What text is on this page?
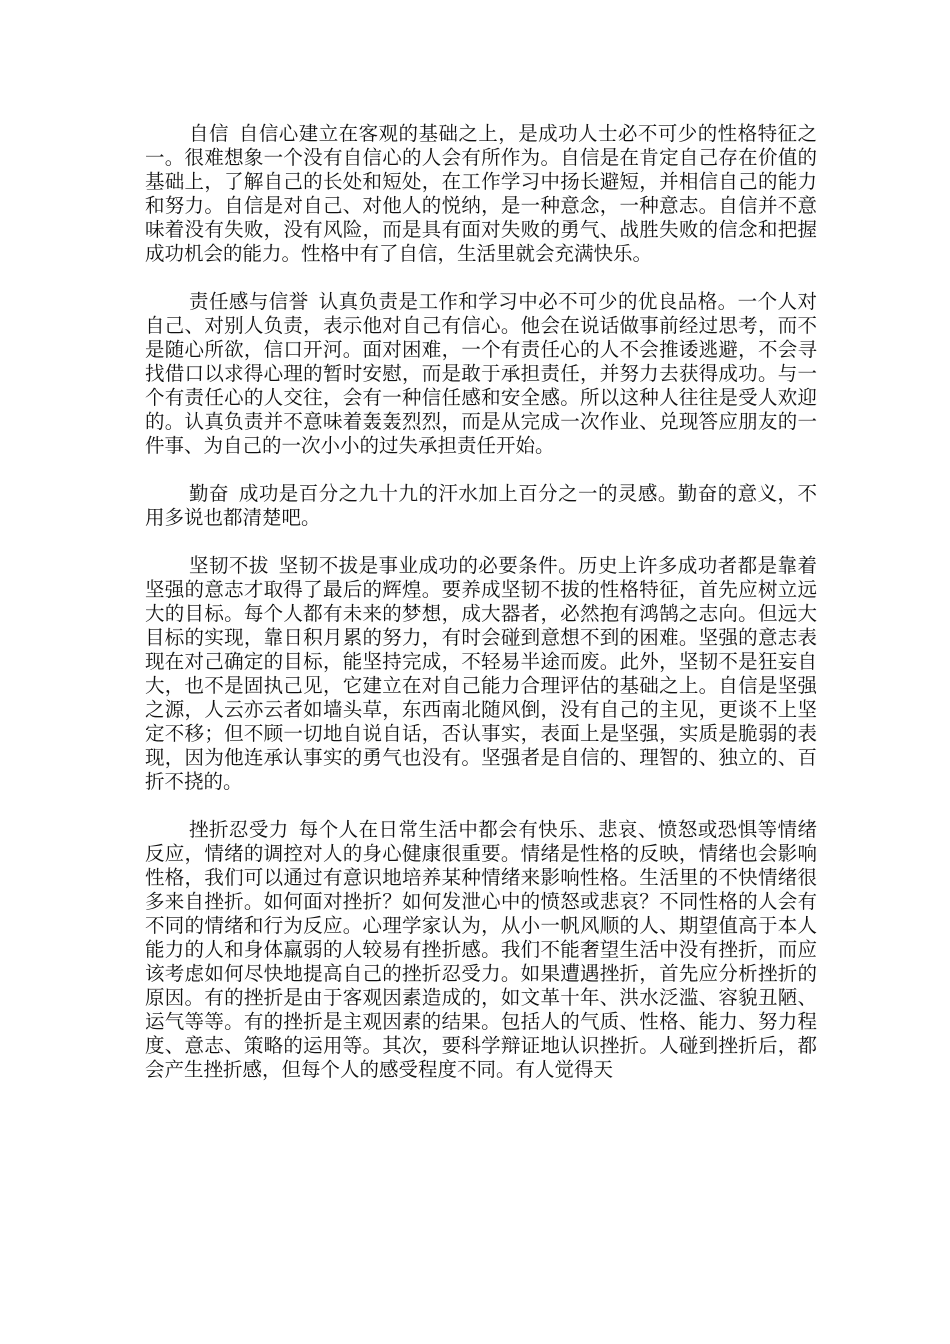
自信 自信心建立在客观的基础之上，是成功人士必不可少的性格特征之一。很难想象一个没有自信心的人会有所作为。自信是在肯定自己存在价值的基础上，了解自己的长处和短处，在工作学习中扬长避短，并相信自己的能力和努力。自信是对自己、对他人的悦纳，是一种意念，一种意志。自信并不意味着没有失败，没有风险，而是具有面对失败的勇气、战胜失败的信念和把握成功机会的能力。性格中有了自信，生活里就会充满快乐。

责任感与信誉 认真负责是工作和学习中必不可少的优良品格。一个人对自己、对别人负责，表示他对自己有信心。他会在说话做事前经过思考，而不是随心所欲，信口开河。面对困难，一个有责任心的人不会推诿逃避，不会寻找借口以求得心理的暂时安慰，而是敢于承担责任，并努力去获得成功。与一个有责任心的人交往，会有一种信任感和安全感。所以这种人往往是受人欢迎的。认真负责并不意味着轰轰烈烈，而是从完成一次作业、兑现答应朋友的一件事、为自己的一次小小的过失承担责任开始。

勤奋 成功是百分之九十九的汗水加上百分之一的灵感。勤奋的意义，不用多说也都清楚吧。

坚韧不拔 坚韧不拔是事业成功的必要条件。历史上许多成功者都是靠着坚强的意志才取得了最后的辉煌。要养成坚韧不拔的性格特征，首先应树立远大的目标。每个人都有未来的梦想，成大器者，必然抱有鸿鹄之志向。但远大目标的实现，靠日积月累的努力，有时会碰到意想不到的困难。坚强的意志表现在对己确定的目标，能坚持完成，不轻易半途而废。此外，坚韧不是狂妄自大，也不是固执己见，它建立在对自己能力合理评估的基础之上。自信是坚强之源，人云亦云者如墙头草，东西南北随风倒，没有自己的主见，更谈不上坚定不移；但不顾一切地自说自话，否认事实，表面上是坚强，实质是脆弱的表现，因为他连承认事实的勇气也没有。坚强者是自信的、理智的、独立的、百折不挠的。

挫折忍受力 每个人在日常生活中都会有快乐、悲哀、愤怒或恐惧等情绪反应，情绪的调控对人的身心健康很重要。情绪是性格的反映，情绪也会影响性格，我们可以通过有意识地培养某种情绪来影响性格。生活里的不快情绪很多来自挫折。如何面对挫折？如何发泄心中的愤怒或悲哀？不同性格的人会有不同的情绪和行为反应。心理学家认为，从小一帆风顺的人、期望值高于本人能力的人和身体羸弱的人较易有挫折感。我们不能奢望生活中没有挫折，而应该考虑如何尽快地提高自己的挫折忍受力。如果遭遇挫折，首先应分析挫折的原因。有的挫折是由于客观因素造成的，如文革十年、洪水泛滥、容貌丑陋、运气等等。有的挫折是主观因素的结果。包括人的气质、性格、能力、努力程度、意志、策略的运用等。其次，要科学辩证地认识挫折。人碰到挫折后，都会产生挫折感，但每个人的感受程度不同。有人觉得天
